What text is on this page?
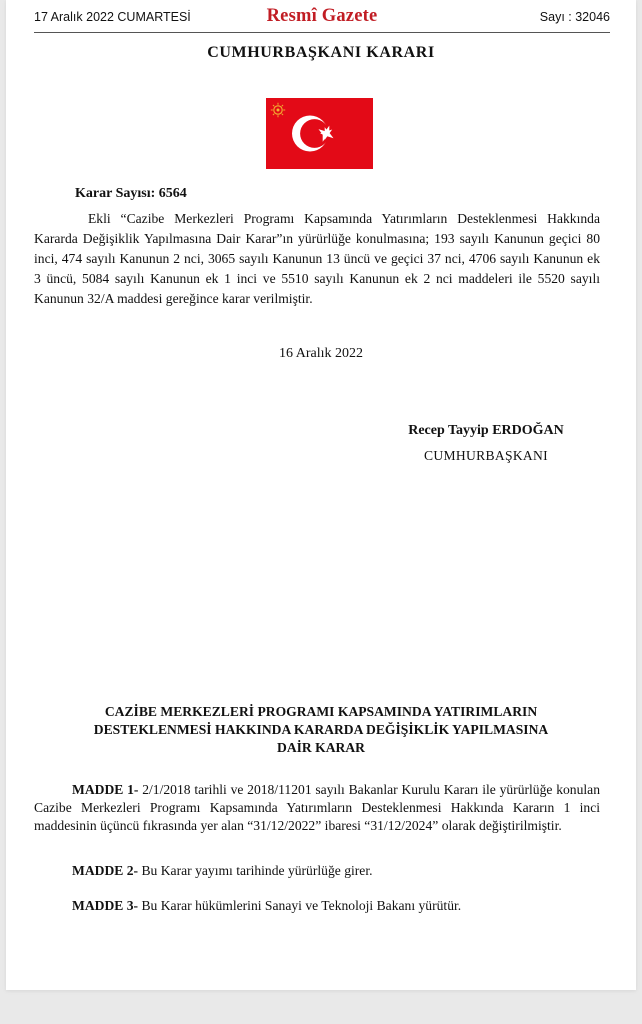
17 Aralık 2022 CUMARTESİ	Resmî Gazete	Sayı : 32046
CUMHURBAŞKANI KARARI
Karar Sayısı: 6564

Ekli “Cazibe Merkezleri Programı Kapsamında Yatırımların Desteklenmesi Hakkında Kararda Değişiklik Yapılmasına Dair Karar”ın yürürlüğe konulmasına; 193 sayılı Kanunun geçici 80 inci, 474 sayılı Kanunun 2 nci, 3065 sayılı Kanunun 13 üncü ve geçici 37 nci, 4706 sayılı Kanunun ek 3 üncü, 5084 sayılı Kanunun ek 1 inci ve 5510 sayılı Kanunun ek 2 nci maddeleri ile 5520 sayılı Kanunun 32/A maddesi gereğince karar verilmiştir.

16 Aralık 2022
Recep Tayyip ERDOĞAN
CUMHURBAŞKANI
CAZİBE MERKEZLERİ PROGRAMI KAPSAMINDA YATIRIMLARIN DESTEKLENMESİ HAKKINDA KARARDA DEĞİŞİKLİK YAPILMASINA DAİR KARAR

MADDE 1- 2/1/2018 tarihli ve 2018/11201 sayılı Bakanlar Kurulu Kararı ile yürürlüğe konulan Cazibe Merkezleri Programı Kapsamında Yatırımların Desteklenmesi Hakkında Kararın 1 inci maddesinin üçüncü fıkrasında yer alan “31/12/2022” ibaresi “31/12/2024” olarak değiştirilmiştir.

MADDE 2- Bu Karar yayımı tarihinde yürürlüğe girer.

MADDE 3- Bu Karar hükümlerini Sanayi ve Teknoloji Bakanı yürütür.
